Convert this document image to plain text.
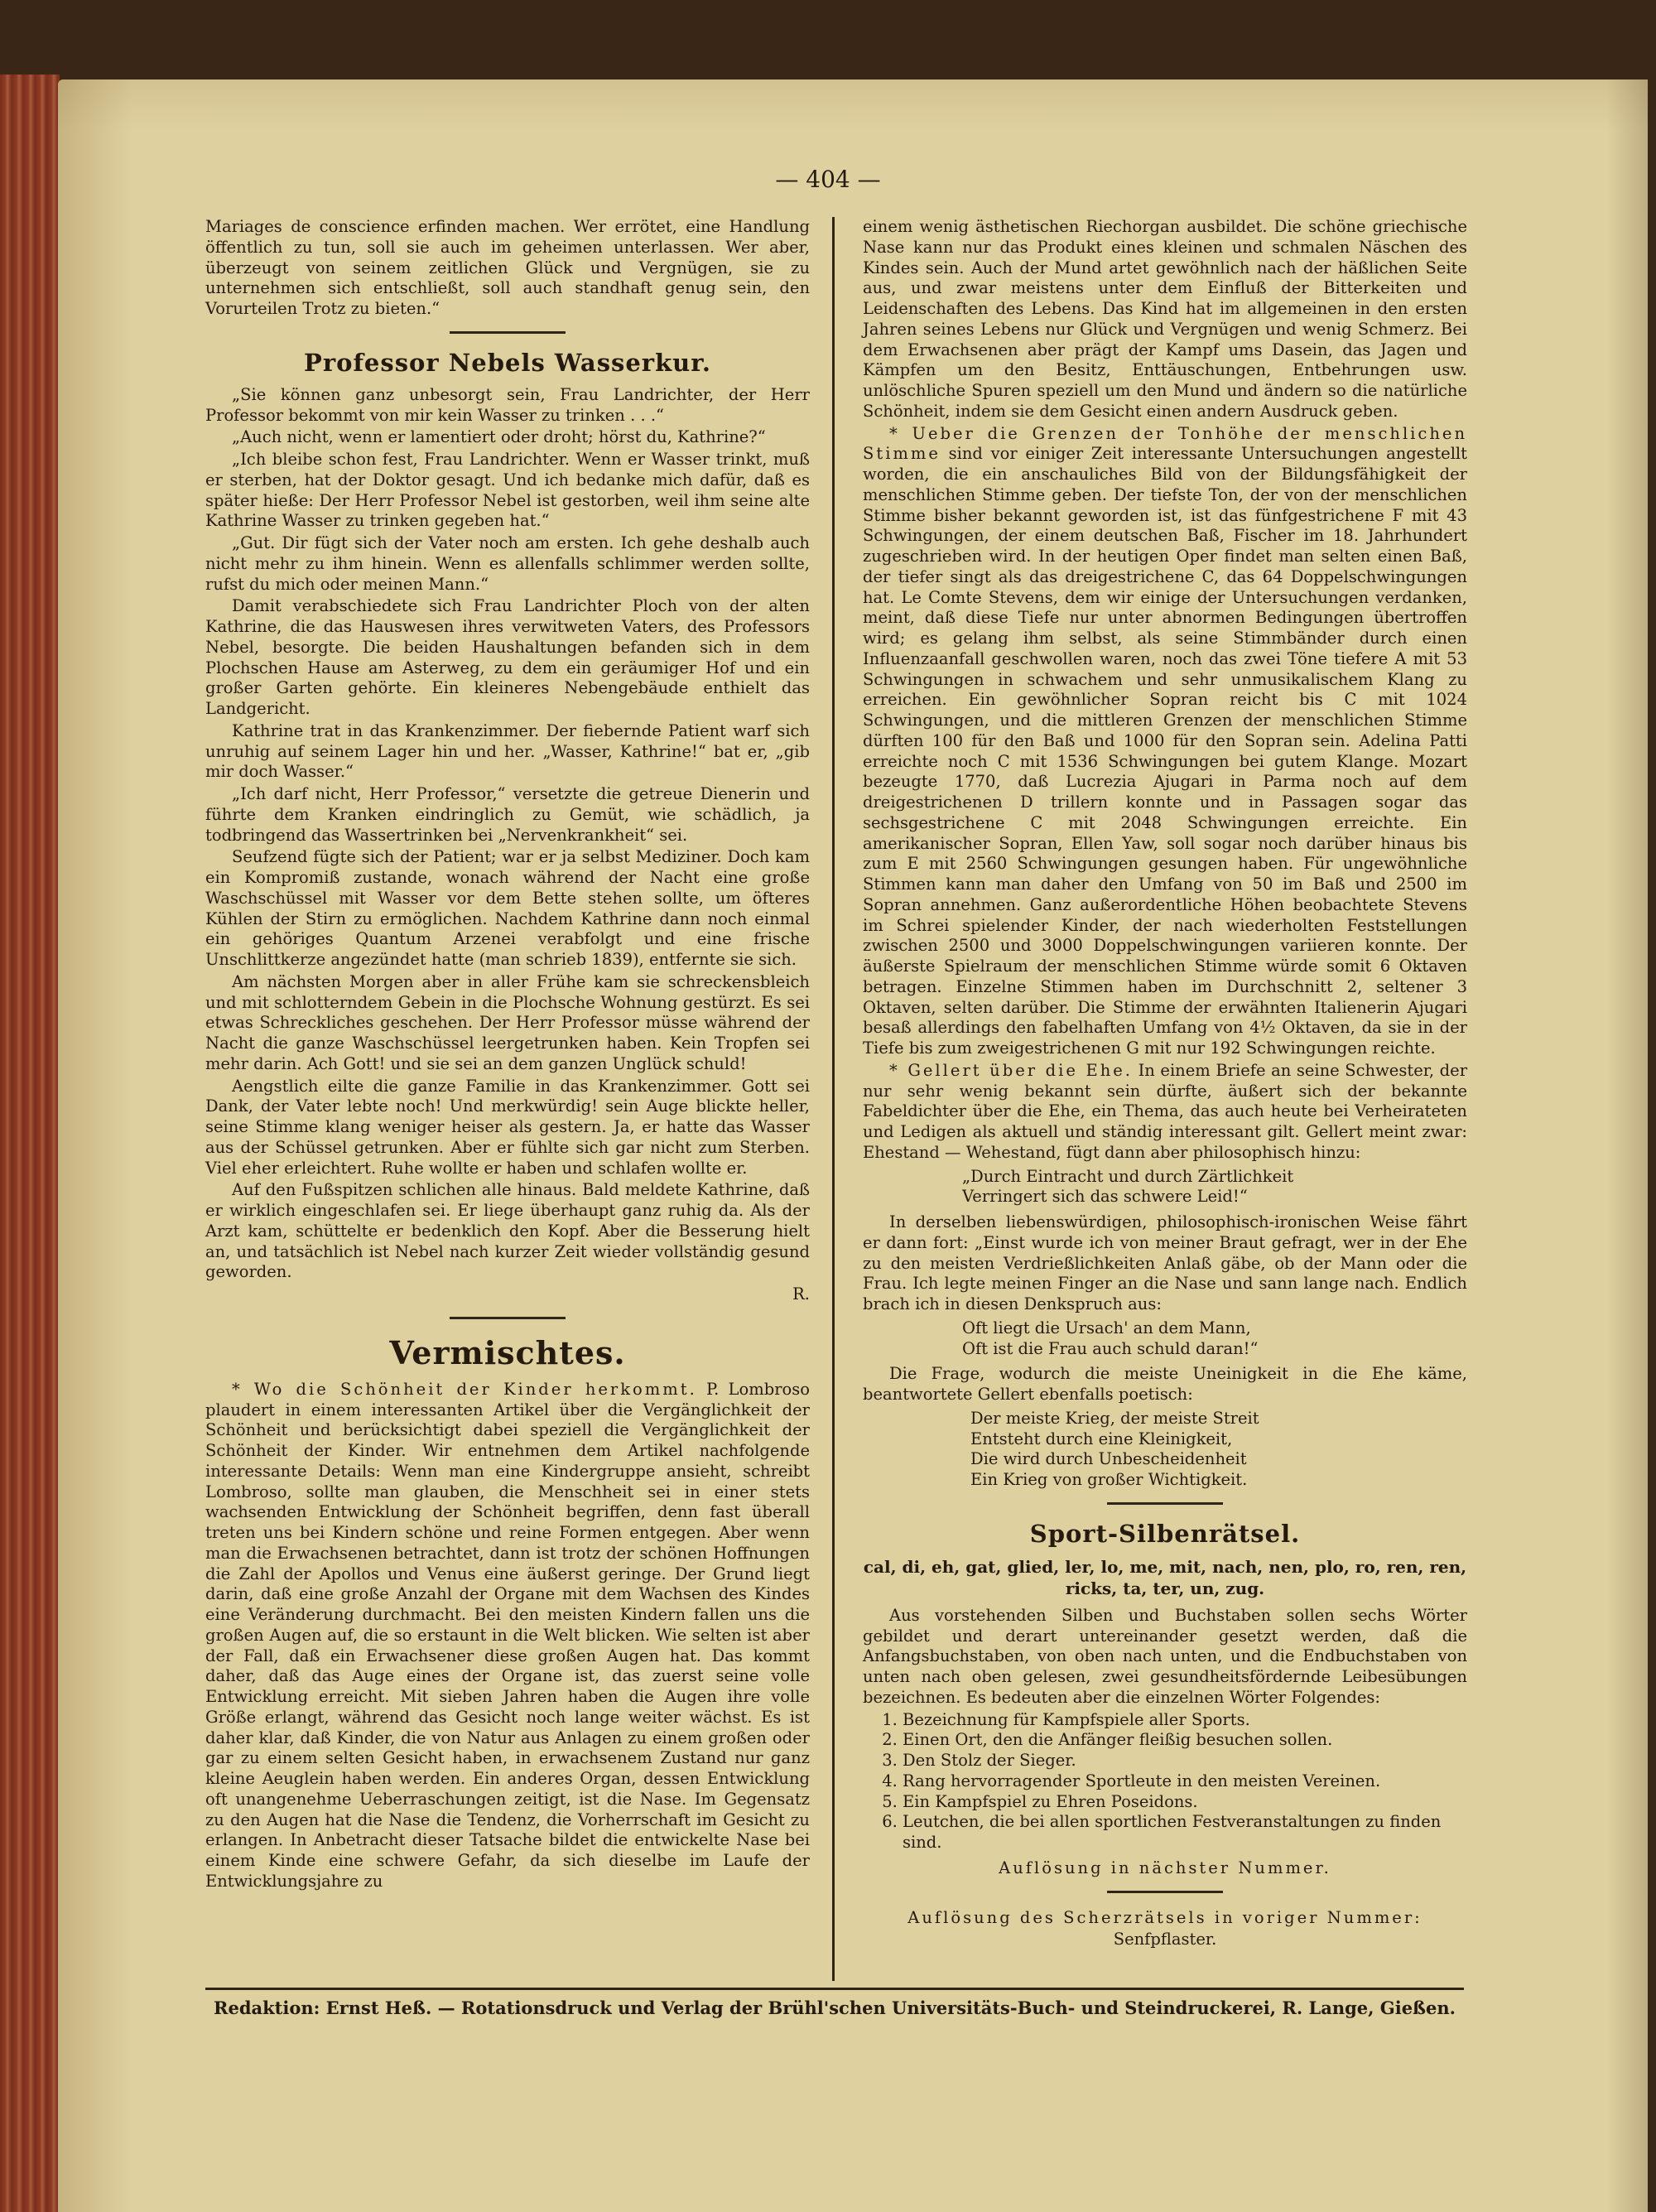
— 404 —

Mariages de conscience erfinden machen. Wer errötet, eine Handlung öffentlich zu tun, soll sie auch im geheimen unterlassen. Wer aber, überzeugt von seinem zeitlichen Glück und Vergnügen, sie zu unternehmen sich entschließt, soll auch standhaft genug sein, den Vorurteilen Trotz zu bieten.“

Professor Nebels Wasserkur.

„Sie können ganz unbesorgt sein, Frau Landrichter, der Herr Professor bekommt von mir kein Wasser zu trinken . . .“

„Auch nicht, wenn er lamentiert oder droht; hörst du, Kathrine?“

„Ich bleibe schon fest, Frau Landrichter. Wenn er Wasser trinkt, muß er sterben, hat der Doktor gesagt. Und ich bedanke mich dafür, daß es später hieße: Der Herr Professor Nebel ist gestorben, weil ihm seine alte Kathrine Wasser zu trinken gegeben hat.“

„Gut. Dir fügt sich der Vater noch am ersten. Ich gehe deshalb auch nicht mehr zu ihm hinein. Wenn es allenfalls schlimmer werden sollte, rufst du mich oder meinen Mann.“

Damit verabschiedete sich Frau Landrichter Ploch von der alten Kathrine, die das Hauswesen ihres verwitweten Vaters, des Professors Nebel, besorgte. Die beiden Haushaltungen befanden sich in dem Plochschen Hause am Asterweg, zu dem ein geräumiger Hof und ein großer Garten gehörte. Ein kleineres Nebengebäude enthielt das Landgericht.

Kathrine trat in das Krankenzimmer. Der fiebernde Patient warf sich unruhig auf seinem Lager hin und her. „Wasser, Kathrine!“ bat er, „gib mir doch Wasser.“

„Ich darf nicht, Herr Professor,“ versetzte die getreue Dienerin und führte dem Kranken eindringlich zu Gemüt, wie schädlich, ja todbringend das Wassertrinken bei „Nervenkrankheit“ sei.

Seufzend fügte sich der Patient; war er ja selbst Mediziner. Doch kam ein Kompromiß zustande, wonach während der Nacht eine große Waschschüssel mit Wasser vor dem Bette stehen sollte, um öfteres Kühlen der Stirn zu ermöglichen. Nachdem Kathrine dann noch einmal ein gehöriges Quantum Arzenei verabfolgt und eine frische Unschlittkerze angezündet hatte (man schrieb 1839), entfernte sie sich.

Am nächsten Morgen aber in aller Frühe kam sie schreckensbleich und mit schlotterndem Gebein in die Plochsche Wohnung gestürzt. Es sei etwas Schreckliches geschehen. Der Herr Professor müsse während der Nacht die ganze Waschschüssel leergetrunken haben. Kein Tropfen sei mehr darin. Ach Gott! und sie sei an dem ganzen Unglück schuld!

Aengstlich eilte die ganze Familie in das Krankenzimmer. Gott sei Dank, der Vater lebte noch! Und merkwürdig! sein Auge blickte heller, seine Stimme klang weniger heiser als gestern. Ja, er hatte das Wasser aus der Schüssel getrunken. Aber er fühlte sich gar nicht zum Sterben. Viel eher erleichtert. Ruhe wollte er haben und schlafen wollte er.

Auf den Fußspitzen schlichen alle hinaus. Bald meldete Kathrine, daß er wirklich eingeschlafen sei. Er liege überhaupt ganz ruhig da. Als der Arzt kam, schüttelte er bedenklich den Kopf. Aber die Besserung hielt an, und tatsächlich ist Nebel nach kurzer Zeit wieder vollständig gesund geworden.

R.

Vermischtes.

* Wo die Schönheit der Kinder herkommt. P. Lombroso plaudert in einem interessanten Artikel über die Vergänglichkeit der Schönheit und berücksichtigt dabei speziell die Vergänglichkeit der Schönheit der Kinder. Wir entnehmen dem Artikel nachfolgende interessante Details: Wenn man eine Kindergruppe ansieht, schreibt Lombroso, sollte man glauben, die Menschheit sei in einer stets wachsenden Entwicklung der Schönheit begriffen, denn fast überall treten uns bei Kindern schöne und reine Formen entgegen. Aber wenn man die Erwachsenen betrachtet, dann ist trotz der schönen Hoffnungen die Zahl der Apollos und Venus eine äußerst geringe. Der Grund liegt darin, daß eine große Anzahl der Organe mit dem Wachsen des Kindes eine Veränderung durchmacht. Bei den meisten Kindern fallen uns die großen Augen auf, die so erstaunt in die Welt blicken. Wie selten ist aber der Fall, daß ein Erwachsener diese großen Augen hat. Das kommt daher, daß das Auge eines der Organe ist, das zuerst seine volle Entwicklung erreicht. Mit sieben Jahren haben die Augen ihre volle Größe erlangt, während das Gesicht noch lange weiter wächst. Es ist daher klar, daß Kinder, die von Natur aus Anlagen zu einem großen oder gar zu einem selten Gesicht haben, in erwachsenem Zustand nur ganz kleine Aeuglein haben werden. Ein anderes Organ, dessen Entwicklung oft unangenehme Ueberraschungen zeitigt, ist die Nase. Im Gegensatz zu den Augen hat die Nase die Tendenz, die Vorherrschaft im Gesicht zu erlangen. In Anbetracht dieser Tatsache bildet die entwickelte Nase bei einem Kinde eine schwere Gefahr, da sich dieselbe im Laufe der Entwicklungsjahre zu

einem wenig ästhetischen Riechorgan ausbildet. Die schöne griechische Nase kann nur das Produkt eines kleinen und schmalen Näschen des Kindes sein. Auch der Mund artet gewöhnlich nach der häßlichen Seite aus, und zwar meistens unter dem Einfluß der Bitterkeiten und Leidenschaften des Lebens. Das Kind hat im allgemeinen in den ersten Jahren seines Lebens nur Glück und Vergnügen und wenig Schmerz. Bei dem Erwachsenen aber prägt der Kampf ums Dasein, das Jagen und Kämpfen um den Besitz, Enttäuschungen, Entbehrungen usw. unlöschliche Spuren speziell um den Mund und ändern so die natürliche Schönheit, indem sie dem Gesicht einen andern Ausdruck geben.

* Ueber die Grenzen der Tonhöhe der menschlichen Stimme sind vor einiger Zeit interessante Untersuchungen angestellt worden, die ein anschauliches Bild von der Bildungsfähigkeit der menschlichen Stimme geben. Der tiefste Ton, der von der menschlichen Stimme bisher bekannt geworden ist, ist das fünfgestrichene F mit 43 Schwingungen, der einem deutschen Baß, Fischer im 18. Jahrhundert zugeschrieben wird. In der heutigen Oper findet man selten einen Baß, der tiefer singt als das dreigestrichene C, das 64 Doppelschwingungen hat. Le Comte Stevens, dem wir einige der Untersuchungen verdanken, meint, daß diese Tiefe nur unter abnormen Bedingungen übertroffen wird; es gelang ihm selbst, als seine Stimmbänder durch einen Influenzaanfall geschwollen waren, noch das zwei Töne tiefere A mit 53 Schwingungen in schwachem und sehr unmusikalischem Klang zu erreichen. Ein gewöhnlicher Sopran reicht bis C mit 1024 Schwingungen, und die mittleren Grenzen der menschlichen Stimme dürften 100 für den Baß und 1000 für den Sopran sein. Adelina Patti erreichte noch C mit 1536 Schwingungen bei gutem Klange. Mozart bezeugte 1770, daß Lucrezia Ajugari in Parma noch auf dem dreigestrichenen D trillern konnte und in Passagen sogar das sechsgestrichene C mit 2048 Schwingungen erreichte. Ein amerikanischer Sopran, Ellen Yaw, soll sogar noch darüber hinaus bis zum E mit 2560 Schwingungen gesungen haben. Für ungewöhnliche Stimmen kann man daher den Umfang von 50 im Baß und 2500 im Sopran annehmen. Ganz außerordentliche Höhen beobachtete Stevens im Schrei spielender Kinder, der nach wiederholten Feststellungen zwischen 2500 und 3000 Doppelschwingungen variieren konnte. Der äußerste Spielraum der menschlichen Stimme würde somit 6 Oktaven betragen. Einzelne Stimmen haben im Durchschnitt 2, seltener 3 Oktaven, selten darüber. Die Stimme der erwähnten Italienerin Ajugari besaß allerdings den fabelhaften Umfang von 4½ Oktaven, da sie in der Tiefe bis zum zweigestrichenen G mit nur 192 Schwingungen reichte.

* Gellert über die Ehe. In einem Briefe an seine Schwester, der nur sehr wenig bekannt sein dürfte, äußert sich der bekannte Fabeldichter über die Ehe, ein Thema, das auch heute bei Verheirateten und Ledigen als aktuell und ständig interessant gilt. Gellert meint zwar: Ehestand — Wehestand, fügt dann aber philosophisch hinzu:

„Durch Eintracht und durch Zärtlichkeit

Verringert sich das schwere Leid!“

In derselben liebenswürdigen, philosophisch-ironischen Weise fährt er dann fort: „Einst wurde ich von meiner Braut gefragt, wer in der Ehe zu den meisten Verdrießlichkeiten Anlaß gäbe, ob der Mann oder die Frau. Ich legte meinen Finger an die Nase und sann lange nach. Endlich brach ich in diesen Denkspruch aus:

Oft liegt die Ursach' an dem Mann,

Oft ist die Frau auch schuld daran!“

Die Frage, wodurch die meiste Uneinigkeit in die Ehe käme, beantwortete Gellert ebenfalls poetisch:

Der meiste Krieg, der meiste Streit

Entsteht durch eine Kleinigkeit,

Die wird durch Unbescheidenheit

Ein Krieg von großer Wichtigkeit.

Sport-Silbenrätsel.

cal, di, eh, gat, glied, ler, lo, me, mit, nach, nen, plo, ro, ren, ren, ricks, ta, ter, un, zug.

Aus vorstehenden Silben und Buchstaben sollen sechs Wörter gebildet und derart untereinander gesetzt werden, daß die Anfangsbuchstaben, von oben nach unten, und die Endbuchstaben von unten nach oben gelesen, zwei gesundheitsfördernde Leibesübungen bezeichnen. Es bedeuten aber die einzelnen Wörter Folgendes:

1. Bezeichnung für Kampfspiele aller Sports.
2. Einen Ort, den die Anfänger fleißig besuchen sollen.
3. Den Stolz der Sieger.
4. Rang hervorragender Sportleute in den meisten Vereinen.
5. Ein Kampfspiel zu Ehren Poseidons.
6. Leutchen, die bei allen sportlichen Festveranstaltungen zu finden sind.

Auflösung in nächster Nummer.

Auflösung des Scherzrätsels in voriger Nummer:

Senfpflaster.

Redaktion: Ernst Heß. — Rotationsdruck und Verlag der Brühl'schen Universitäts-Buch- und Steindruckerei, R. Lange, Gießen.
